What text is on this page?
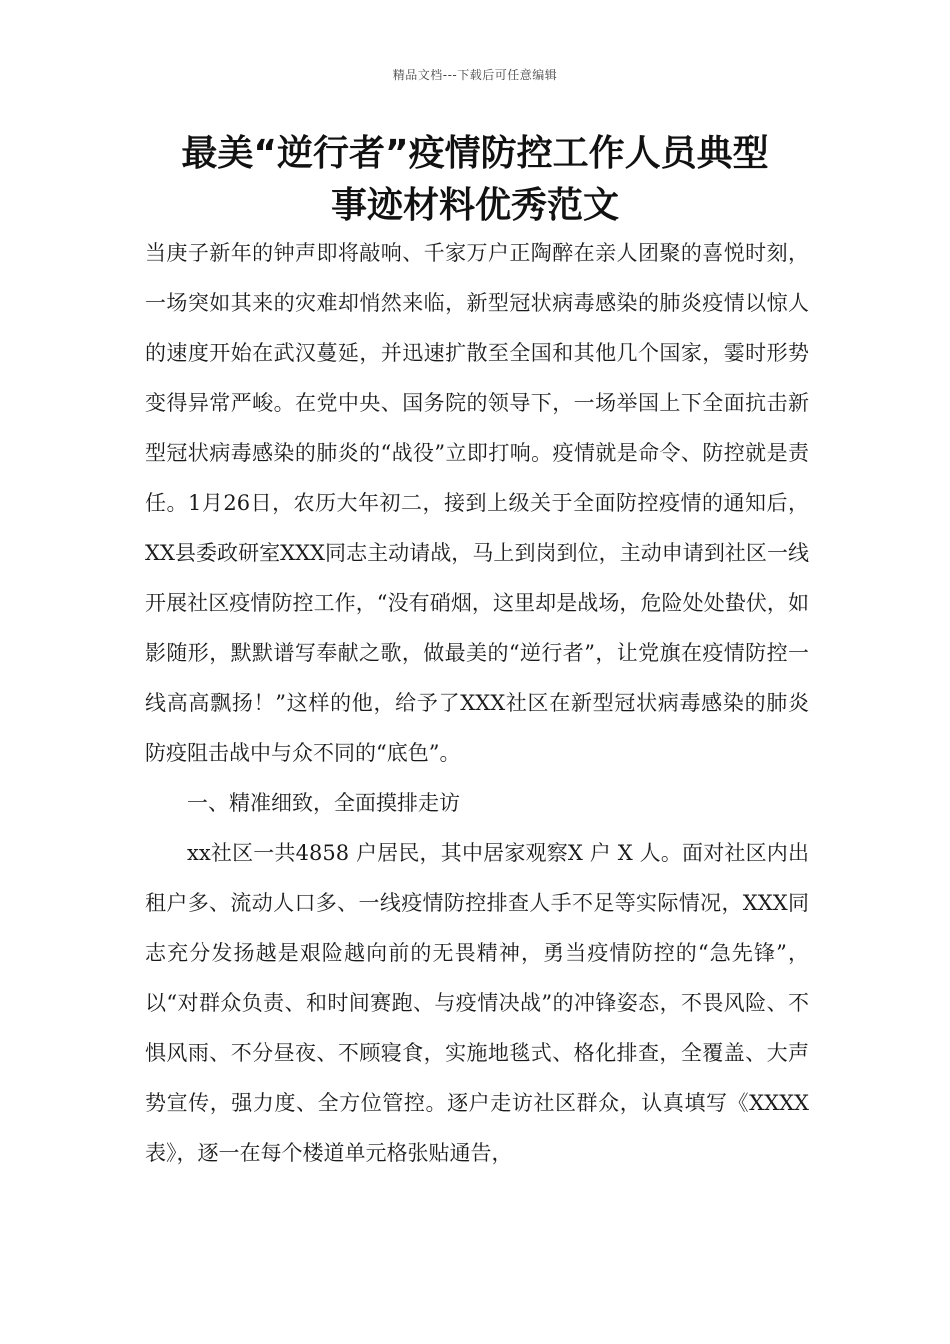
精品文档---下载后可任意编辑
最美“逆行者”疫情防控工作人员典型
事迹材料优秀范文

当庚子新年的钟声即将敲响、千家万户正陶醉在亲人团聚的喜悦时刻，一场突如其来的灾难却悄然来临，新型冠状病毒感染的肺炎疫情以惊人的速度开始在武汉蔓延，并迅速扩散至全国和其他几个国家，霎时形势变得异常严峻。在党中央、国务院的领导下，一场举国上下全面抗击新型冠状病毒感染的肺炎的“战役”立即打响。疫情就是命令、防控就是责任。1月26日，农历大年初二，接到上级关于全面防控疫情的通知后，XX县委政研室XXX同志主动请战，马上到岗到位，主动申请到社区一线开展社区疫情防控工作，“没有硝烟，这里却是战场，危险处处蛰伏，如影随形，默默谱写奉献之歌，做最美的“逆行者”，让党旗在疫情防控一线高高飘扬！”这样的他，给予了XXX社区在新型冠状病毒感染的肺炎防疫阻击战中与众不同的“底色”。

一、精准细致，全面摸排走访

xx社区一共4858 户居民，其中居家观察X 户 X 人。面对社区内出租户多、流动人口多、一线疫情防控排查人手不足等实际情况，XXX同志充分发扬越是艰险越向前的无畏精神，勇当疫情防控的“急先锋”，以“对群众负责、和时间赛跑、与疫情决战”的冲锋姿态，不畏风险、不惧风雨、不分昼夜、不顾寝食，实施地毯式、格化排查，全覆盖、大声势宣传，强力度、全方位管控。逐户走访社区群众，认真填写《XXXX表》，逐一在每个楼道单元格张贴通告，
